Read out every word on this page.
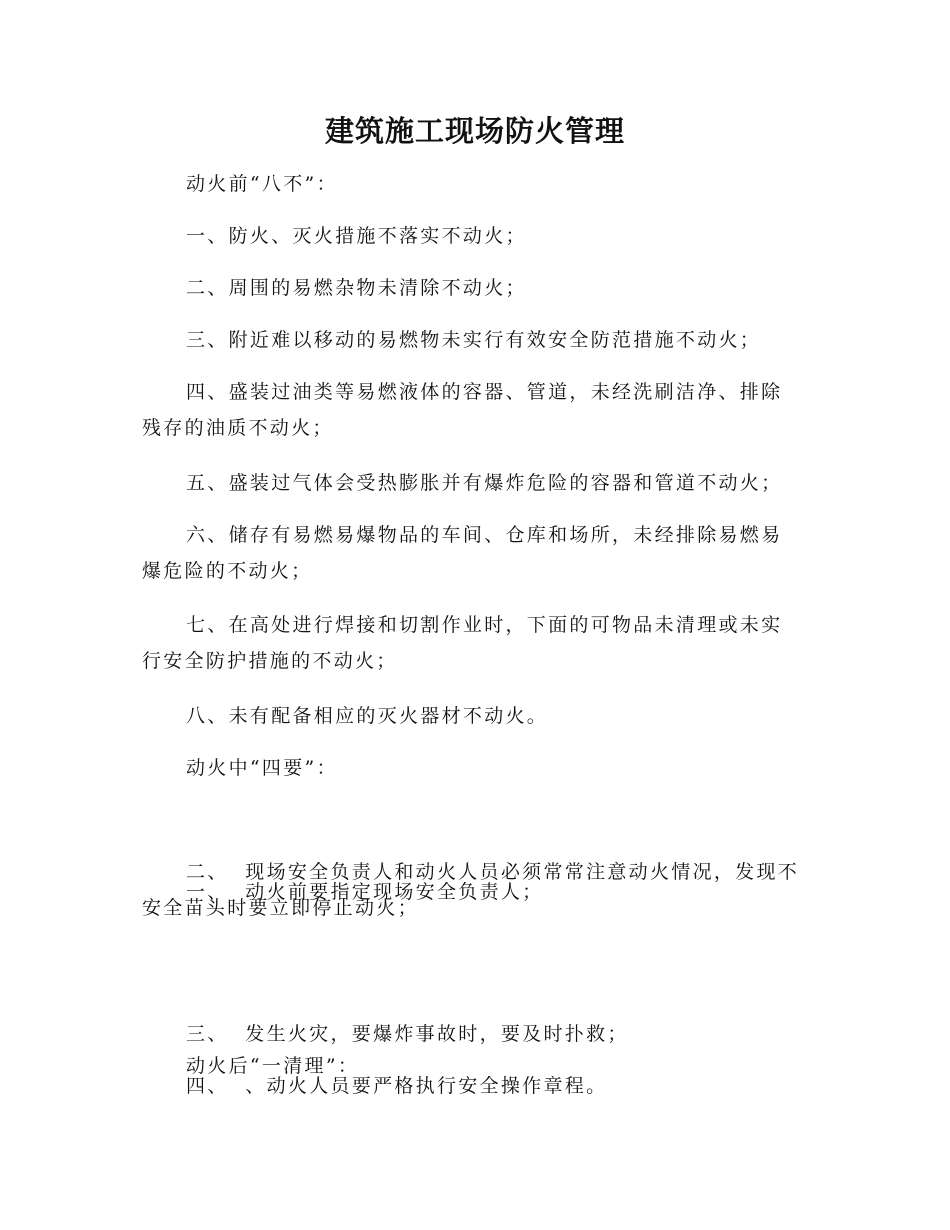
建筑施工现场防火管理

动火前“八不”：

一、防火、灭火措施不落实不动火；

二、周围的易燃杂物未清除不动火；

三、附近难以移动的易燃物未实行有效安全防范措施不动火；

四、盛装过油类等易燃液体的容器、管道，未经洗刷洁净、排除
残存的油质不动火；

五、盛装过气体会受热膨胀并有爆炸危险的容器和管道不动火；

六、储存有易燃易爆物品的车间、仓库和场所，未经排除易燃易
爆危险的不动火；

七、在高处进行焊接和切割作业时，下面的可物品未清理或未实
行安全防护措施的不动火；

八、未有配备相应的灭火器材不动火。

动火中“四要”：

一、  动火前要指定现场安全负责人；

二、  现场安全负责人和动火人员必须常常注意动火情况，发现不
安全苗头时要立即停止动火；

三、  发生火灾，要爆炸事故时，要及时扑救；

四、  、动火人员要严格执行安全操作章程。

动火后“一清理”：
